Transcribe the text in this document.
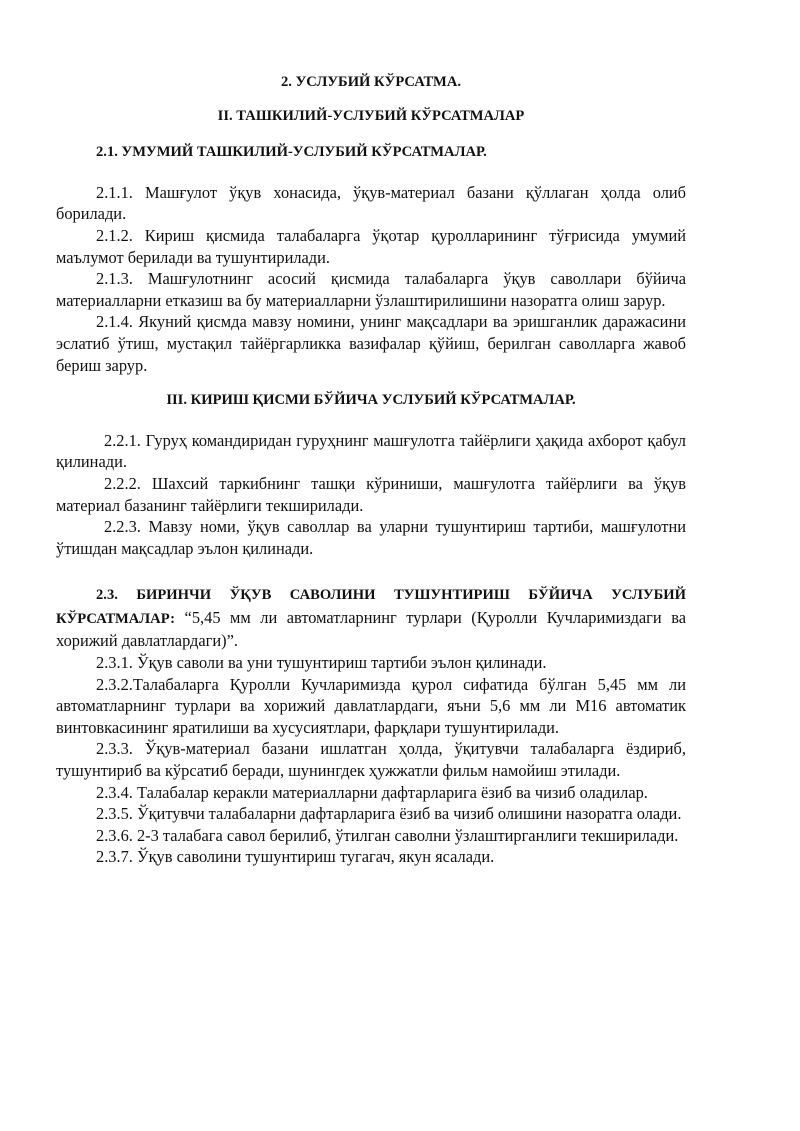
2. УСЛУБИЙ КЎРСАТМА.
II. ТАШКИЛИЙ-УСЛУБИЙ КЎРСАТМАЛАР
2.1. УМУМИЙ ТАШКИЛИЙ-УСЛУБИЙ КЎРСАТМАЛАР.

2.1.1. Машғулот ўқув хонасида, ўқув-материал базани қўллаган ҳолда олиб борилади.

2.1.2. Кириш қисмида талабаларга ўқотар қуролларининг тўғрисида умумий маълумот берилади ва тушунтирилади.

2.1.3. Машғулотнинг асосий қисмида талабаларга ўқув саволлари бўйича материалларни етказиш ва бу материалларни ўзлаштирилишини назоратга олиш зарур.

2.1.4. Якуний қисмда мавзу номини, унинг мақсадлари ва эришганлик даражасини эслатиб ўтиш, мустақил тайёргарликка вазифалар қўйиш, берилган саволларга жавоб бериш зарур.

III. КИРИШ ҚИСМИ БЎЙИЧА УСЛУБИЙ КЎРСАТМАЛАР.

2.2.1. Гуруҳ командиридан гуруҳнинг машғулотга тайёрлиги ҳақида ахборот қабул қилинади.

2.2.2. Шахсий таркибнинг ташқи кўриниши, машғулотга тайёрлиги ва ўқув материал базанинг тайёрлиги текширилади.

2.2.3. Мавзу номи, ўқув саволлар ва уларни тушунтириш тартиби, машғулотни ўтишдан мақсадлар эълон қилинади.

2.3. БИРИНЧИ ЎҚУВ САВОЛИНИ ТУШУНТИРИШ БЎЙИЧА УСЛУБИЙ КЎРСАТМАЛАР: “5,45 мм ли автоматларнинг турлари (Қуролли Кучларимиздаги ва хорижий давлатлардаги)”.

2.3.1. Ўқув саволи ва уни тушунтириш тартиби эълон қилинади.

2.3.2.Талабаларга Қуролли Кучларимизда қурол сифатида бўлган 5,45 мм ли автоматларнинг турлари ва хорижий давлатлардаги, яъни 5,6 мм ли М16 автоматик винтовкасининг яратилиши ва хусусиятлари, фарқлари тушунтирилади.

2.3.3. Ўқув-материал базани ишлатган ҳолда, ўқитувчи талабаларга ёздириб, тушунтириб ва кўрсатиб беради, шунингдек ҳужжатли фильм намойиш этилади.

2.3.4. Талабалар керакли материалларни дафтарларига ёзиб ва чизиб оладилар.

2.3.5. Ўқитувчи талабаларни дафтарларига ёзиб ва чизиб олишини назоратга олади.

2.3.6. 2-3 талабага савол берилиб, ўтилган саволни ўзлаштирганлиги текширилади.

2.3.7. Ўқув саволини тушунтириш тугагач, якун ясалади.
